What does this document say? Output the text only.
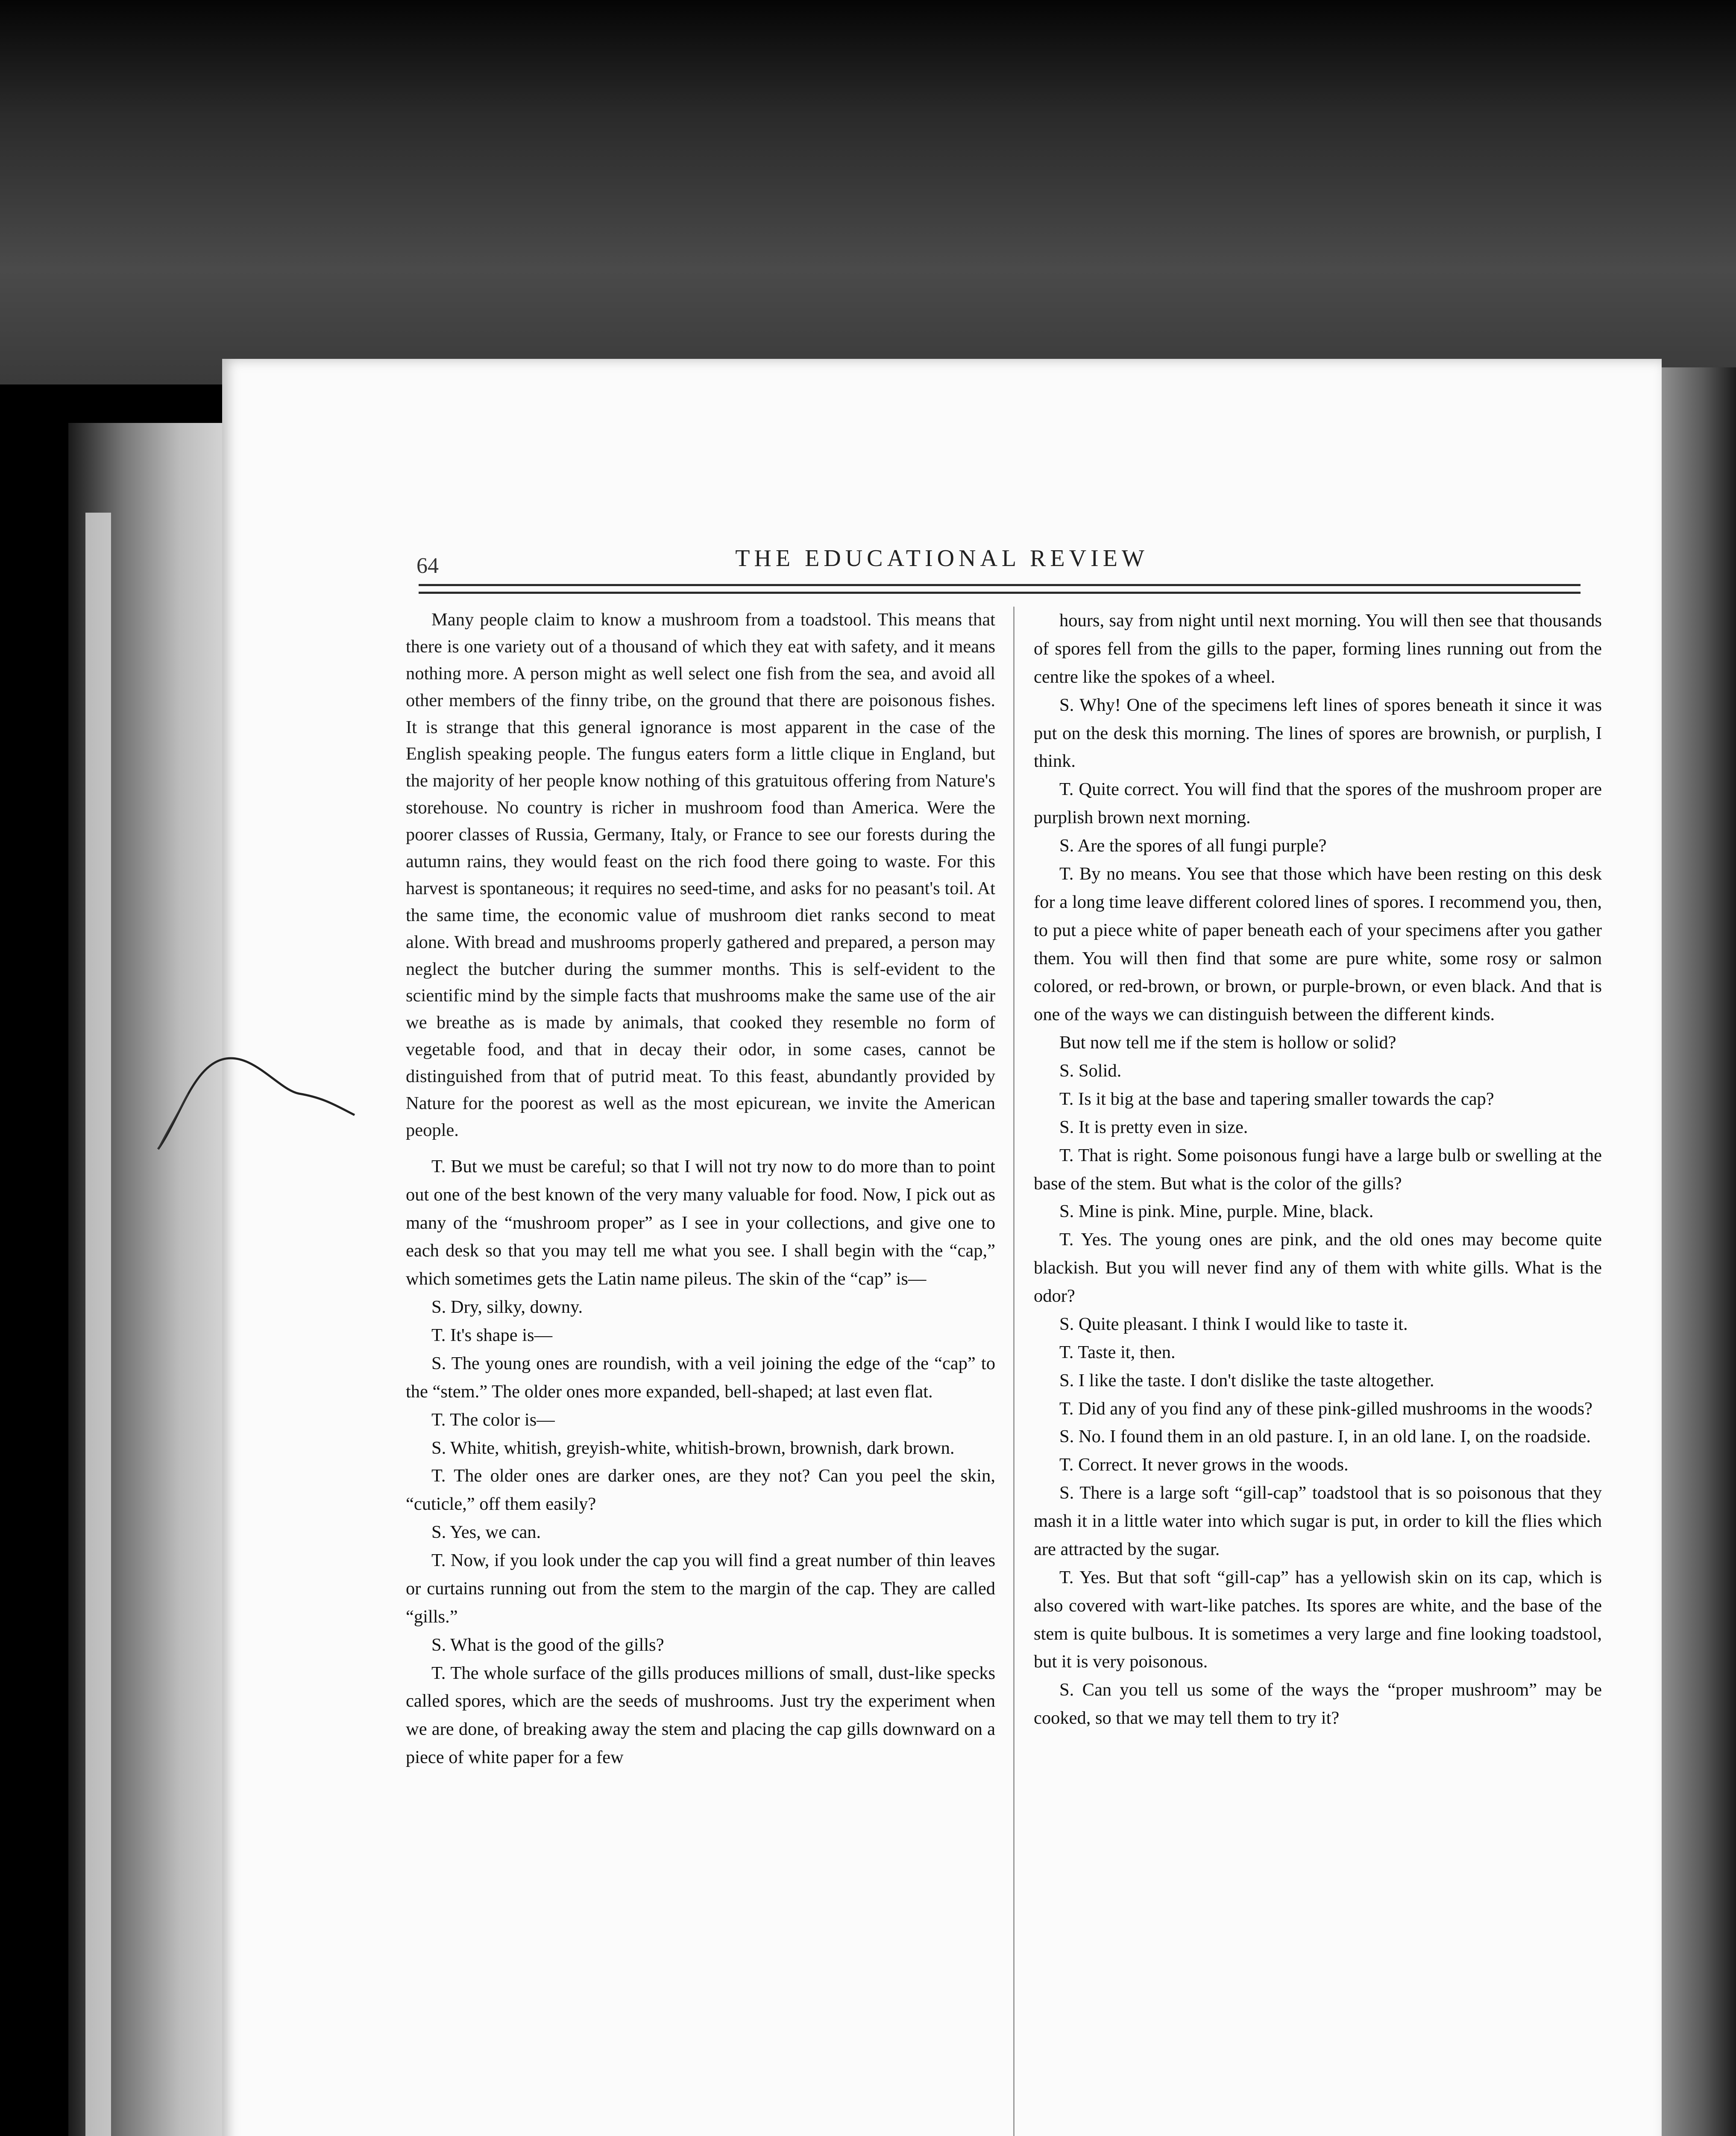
64	THE EDUCATIONAL REVIEW

Many people claim to know a mushroom from a toadstool. This means that there is one variety out of a thousand of which they eat with safety, and it means nothing more. A person might as well select one fish from the sea, and avoid all other members of the finny tribe, on the ground that there are poisonous fishes. It is strange that this general ignorance is most apparent in the case of the English speaking people. The fungus eaters form a little clique in England, but the majority of her people know nothing of this gratuitous offering from Nature's storehouse. No country is richer in mushroom food than America. Were the poorer classes of Russia, Germany, Italy, or France to see our forests during the autumn rains, they would feast on the rich food there going to waste. For this harvest is spontaneous; it requires no seed-time, and asks for no peasant's toil. At the same time, the economic value of mushroom diet ranks second to meat alone. With bread and mushrooms properly gathered and prepared, a person may neglect the butcher during the summer months. This is self-evident to the scientific mind by the simple facts that mushrooms make the same use of the air we breathe as is made by animals, that cooked they resemble no form of vegetable food, and that in decay their odor, in some cases, cannot be distinguished from that of putrid meat. To this feast, abundantly provided by Nature for the poorest as well as the most epicurean, we invite the American people.

T. But we must be careful; so that I will not try now to do more than to point out one of the best known of the very many valuable for food. Now, I pick out as many of the “mushroom proper” as I see in your collections, and give one to each desk so that you may tell me what you see. I shall begin with the “cap,” which sometimes gets the Latin name pileus. The skin of the “cap” is—

S. Dry, silky, downy.

T. It's shape is—

S. The young ones are roundish, with a veil joining the edge of the “cap” to the “stem.” The older ones more expanded, bell-shaped; at last even flat.

T. The color is—

S. White, whitish, greyish-white, whitish-brown, brownish, dark brown.

T. The older ones are darker ones, are they not? Can you peel the skin, “cuticle,” off them easily?

S. Yes, we can.

T. Now, if you look under the cap you will find a great number of thin leaves or curtains running out from the stem to the margin of the cap. They are called “gills.”

S. What is the good of the gills?

T. The whole surface of the gills produces millions of small, dust-like specks called spores, which are the seeds of mushrooms. Just try the experiment when we are done, of breaking away the stem and placing the cap gills downward on a piece of white paper for a few

hours, say from night until next morning. You will then see that thousands of spores fell from the gills to the paper, forming lines running out from the centre like the spokes of a wheel.

S. Why! One of the specimens left lines of spores beneath it since it was put on the desk this morning. The lines of spores are brownish, or purplish, I think.

T. Quite correct. You will find that the spores of the mushroom proper are purplish brown next morning.

S. Are the spores of all fungi purple?

T. By no means. You see that those which have been resting on this desk for a long time leave different colored lines of spores. I recommend you, then, to put a piece white of paper beneath each of your specimens after you gather them. You will then find that some are pure white, some rosy or salmon colored, or red-brown, or brown, or purple-brown, or even black. And that is one of the ways we can distinguish between the different kinds.

But now tell me if the stem is hollow or solid?

S. Solid.

T. Is it big at the base and tapering smaller towards the cap?

S. It is pretty even in size.

T. That is right. Some poisonous fungi have a large bulb or swelling at the base of the stem. But what is the color of the gills?

S. Mine is pink. Mine, purple. Mine, black.

T. Yes. The young ones are pink, and the old ones may become quite blackish. But you will never find any of them with white gills. What is the odor?

S. Quite pleasant. I think I would like to taste it.

T. Taste it, then.

S. I like the taste. I don't dislike the taste altogether.

T. Did any of you find any of these pink-gilled mushrooms in the woods?

S. No. I found them in an old pasture. I, in an old lane. I, on the roadside.

T. Correct. It never grows in the woods.

S. There is a large soft “gill-cap” toadstool that is so poisonous that they mash it in a little water into which sugar is put, in order to kill the flies which are attracted by the sugar.

T. Yes. But that soft “gill-cap” has a yellowish skin on its cap, which is also covered with wart-like patches. Its spores are white, and the base of the stem is quite bulbous. It is sometimes a very large and fine looking toadstool, but it is very poisonous.

S. Can you tell us some of the ways the “proper mushroom” may be cooked, so that we may tell them to try it?
